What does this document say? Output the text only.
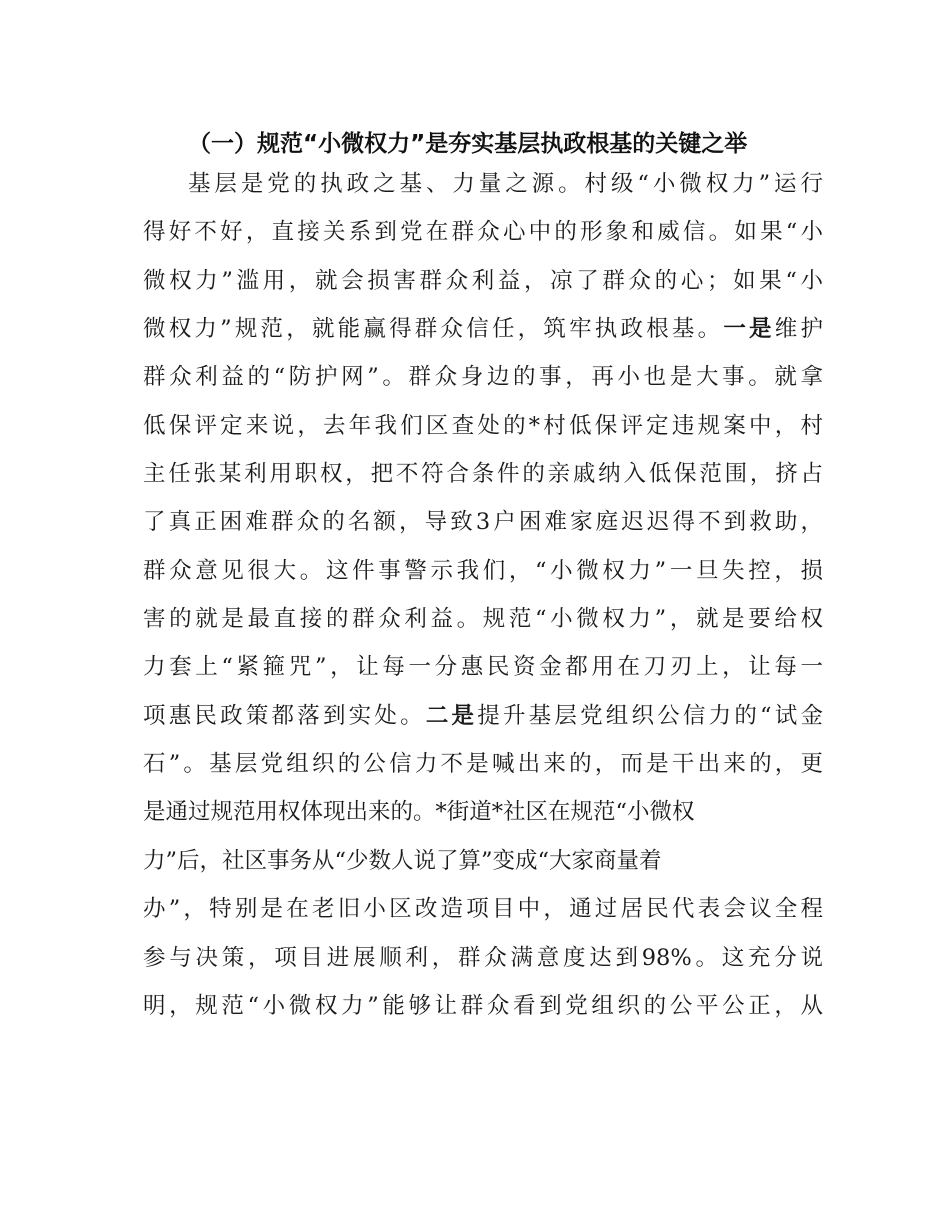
（一）规范“小微权力”是夯实基层执政根基的关键之举
基层是党的执政之基、力量之源。村级“小微权力”运行
得好不好，直接关系到党在群众心中的形象和威信。如果“小
微权力”滥用，就会损害群众利益，凉了群众的心；如果“小
微权力”规范，就能赢得群众信任，筑牢执政根基。一是维护
群众利益的“防护网”。群众身边的事，再小也是大事。就拿
低保评定来说，去年我们区查处的*村低保评定违规案中，村
主任张某利用职权，把不符合条件的亲戚纳入低保范围，挤占
了真正困难群众的名额，导致3户困难家庭迟迟得不到救助，
群众意见很大。这件事警示我们，“小微权力”一旦失控，损
害的就是最直接的群众利益。规范“小微权力”，就是要给权
力套上“紧箍咒”，让每一分惠民资金都用在刀刃上，让每一
项惠民政策都落到实处。二是提升基层党组织公信力的“试金
石”。基层党组织的公信力不是喊出来的，而是干出来的，更
是通过规范用权体现出来的。*街道*社区在规范“小微权
力”后，社区事务从“少数人说了算”变成“大家商量着
办”，特别是在老旧小区改造项目中，通过居民代表会议全程
参与决策，项目进展顺利，群众满意度达到98%。这充分说
明，规范“小微权力”能够让群众看到党组织的公平公正，从
